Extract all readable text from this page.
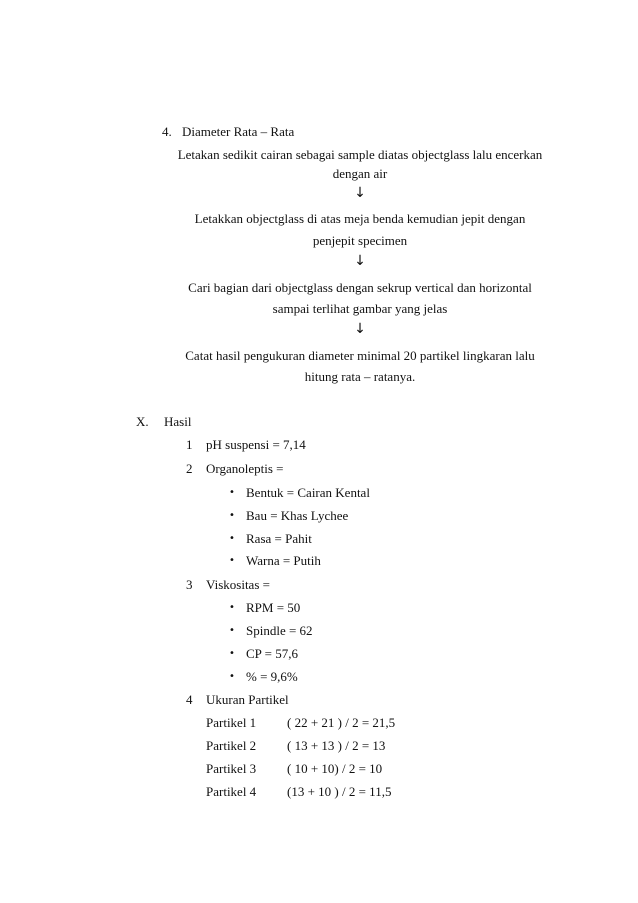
4. Diameter Rata – Rata
Letakan sedikit cairan sebagai sample diatas objectglass lalu encerkan
dengan air
↓
Letakkan objectglass di atas meja benda kemudian jepit dengan
penjepit specimen
↓
Cari bagian dari objectglass dengan sekrup vertical dan horizontal
sampai terlihat gambar yang jelas
↓
Catat hasil pengukuran diameter minimal 20 partikel lingkaran lalu
hitung rata – ratanya.
X. Hasil
1 pH suspensi = 7,14
2 Organoleptis =
• Bentuk = Cairan Kental
• Bau = Khas Lychee
• Rasa = Pahit
• Warna = Putih
3 Viskositas =
• RPM = 50
• Spindle = 62
• CP = 57,6
• % = 9,6%
4 Ukuran Partikel
Partikel 1 ( 22 + 21 ) / 2 = 21,5
Partikel 2 ( 13 + 13 ) / 2 = 13
Partikel 3 ( 10 + 10) / 2 = 10
Partikel 4 (13 + 10 ) / 2 = 11,5
